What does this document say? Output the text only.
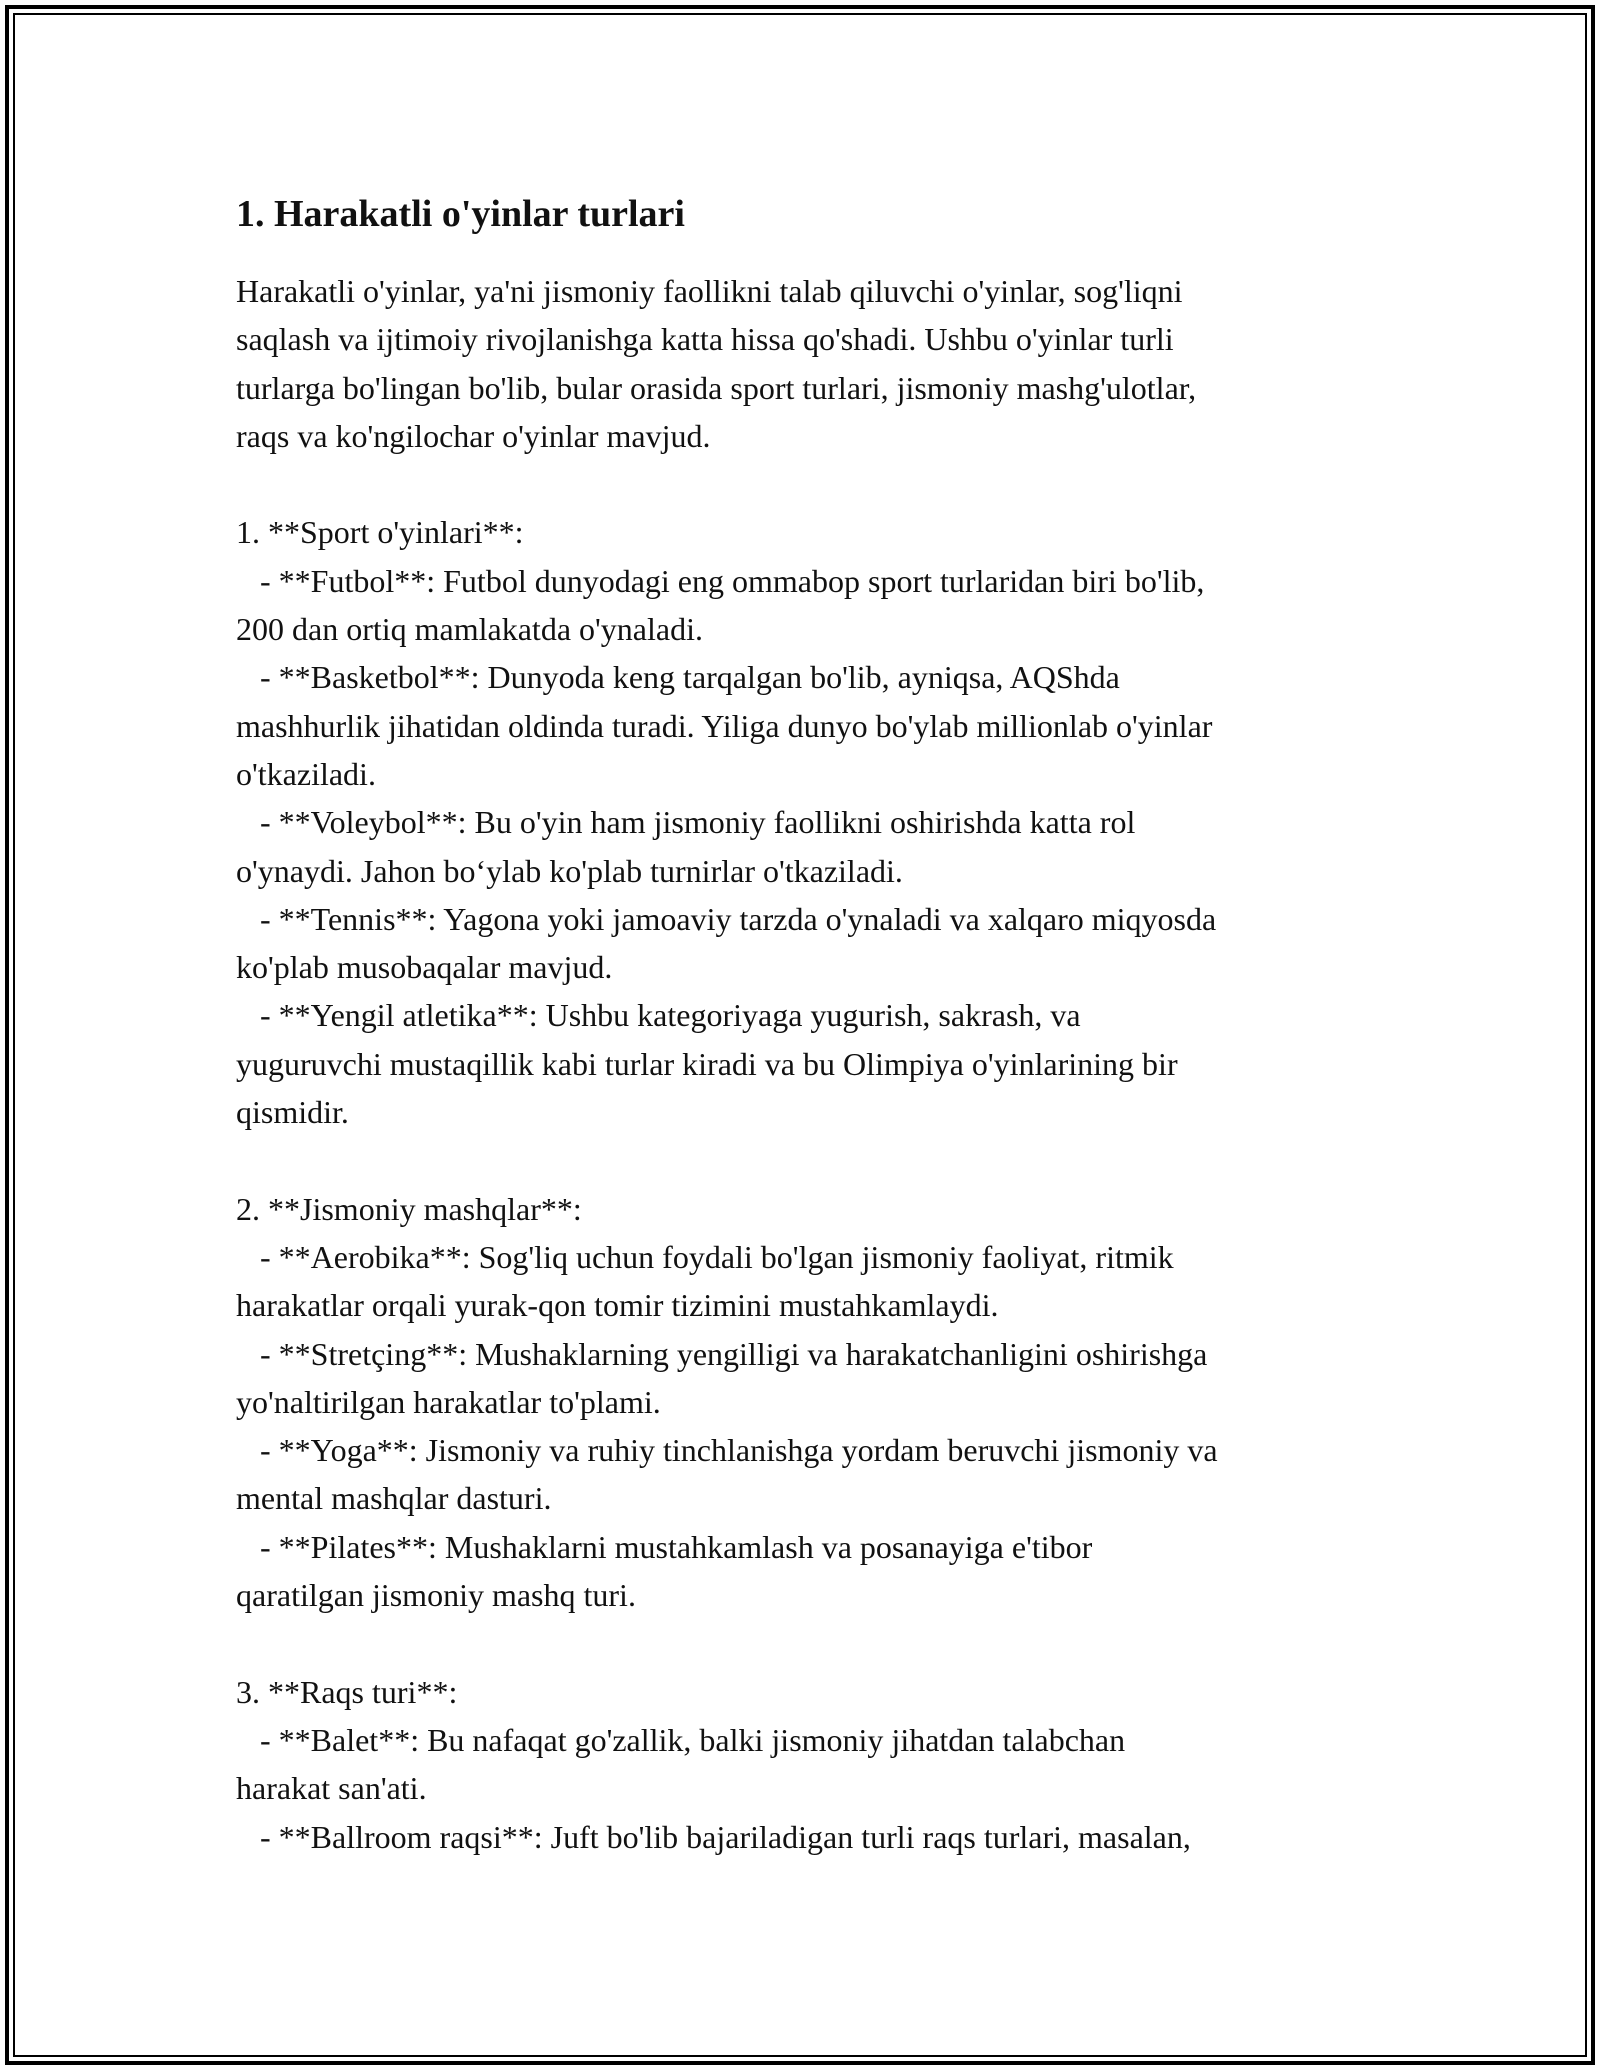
1. Harakatli o'yinlar turlari
Harakatli o'yinlar, ya'ni jismoniy faollikni talab qiluvchi o'yinlar, sog'liqni
saqlash va ijtimoiy rivojlanishga katta hissa qo'shadi. Ushbu o'yinlar turli
turlarga bo'lingan bo'lib, bular orasida sport turlari, jismoniy mashg'ulotlar,
raqs va ko'ngilochar o'yinlar mavjud.
1. **Sport o'yinlari**:
- **Futbol**: Futbol dunyodagi eng ommabop sport turlaridan biri bo'lib,
200 dan ortiq mamlakatda o'ynaladi.
- **Basketbol**: Dunyoda keng tarqalgan bo'lib, ayniqsa, AQShda
mashhurlik jihatidan oldinda turadi. Yiliga dunyo bo'ylab millionlab o'yinlar
o'tkaziladi.
- **Voleybol**: Bu o'yin ham jismoniy faollikni oshirishda katta rol
o'ynaydi. Jahon bo‘ylab ko'plab turnirlar o'tkaziladi.
- **Tennis**: Yagona yoki jamoaviy tarzda o'ynaladi va xalqaro miqyosda
ko'plab musobaqalar mavjud.
- **Yengil atletika**: Ushbu kategoriyaga yugurish, sakrash, va
yuguruvchi mustaqillik kabi turlar kiradi va bu Olimpiya o'yinlarining bir
qismidir.
2. **Jismoniy mashqlar**:
- **Aerobika**: Sog'liq uchun foydali bo'lgan jismoniy faoliyat, ritmik
harakatlar orqali yurak-qon tomir tizimini mustahkamlaydi.
- **Stretçing**: Mushaklarning yengilligi va harakatchanligini oshirishga
yo'naltirilgan harakatlar to'plami.
- **Yoga**: Jismoniy va ruhiy tinchlanishga yordam beruvchi jismoniy va
mental mashqlar dasturi.
- **Pilates**: Mushaklarni mustahkamlash va posanayiga e'tibor
qaratilgan jismoniy mashq turi.
3. **Raqs turi**:
- **Balet**: Bu nafaqat go'zallik, balki jismoniy jihatdan talabchan
harakat san'ati.
- **Ballroom raqsi**: Juft bo'lib bajariladigan turli raqs turlari, masalan,
